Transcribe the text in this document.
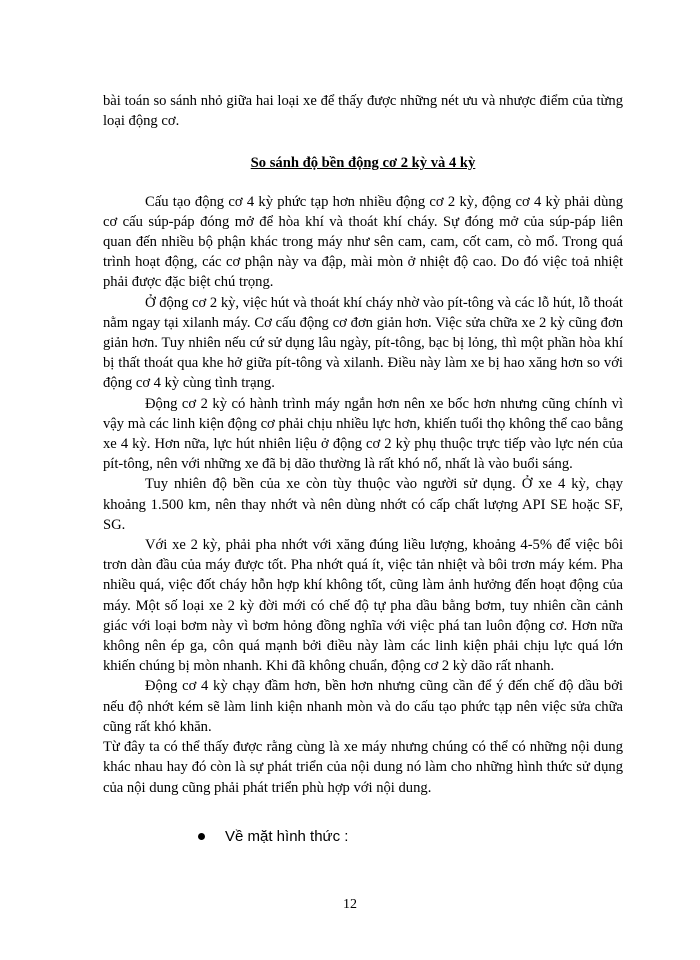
bài toán so sánh nhỏ giữa hai loại xe để thấy được những nét ưu và nhược điểm của từng loại động cơ.

So sánh độ bền động cơ 2 kỳ và 4 kỳ

Cấu tạo động cơ 4 kỳ phức tạp hơn nhiều động cơ 2 kỳ, động cơ 4 kỳ phải dùng cơ cấu súp-páp đóng mở để hòa khí và thoát khí cháy. Sự đóng mở của súp-páp liên quan đến nhiều bộ phận khác trong máy như sên cam, cam, cốt cam, cò mổ. Trong quá trình hoạt động, các cơ phận này va đập, mài mòn ở nhiệt độ cao. Do đó việc toả nhiệt phải được đặc biệt chú trọng.

Ở động cơ 2 kỳ, việc hút và thoát khí cháy nhờ vào pít-tông và các lỗ hút, lỗ thoát nằm ngay tại xilanh máy. Cơ cấu động cơ đơn giản hơn. Việc sửa chữa xe 2 kỳ cũng đơn giản hơn. Tuy nhiên nếu cứ sử dụng lâu ngày, pít-tông, bạc bị lỏng, thì một phần hòa khí bị thất thoát qua khe hở giữa pít-tông và xilanh. Điều này làm xe bị hao xăng hơn so với động cơ 4 kỳ cùng tình trạng.

Động cơ 2 kỳ có hành trình máy ngắn hơn nên xe bốc hơn nhưng cũng chính vì vậy mà các linh kiện động cơ phải chịu nhiều lực hơn, khiến tuổi thọ không thể cao bằng xe 4 kỳ. Hơn nữa, lực hút nhiên liệu ở động cơ 2 kỳ phụ thuộc trực tiếp vào lực nén của pít-tông, nên với những xe đã bị dão thường là rất khó nổ, nhất là vào buổi sáng.

Tuy nhiên độ bền của xe còn tùy thuộc vào người sử dụng. Ở xe 4 kỳ, chạy khoảng 1.500 km, nên thay nhớt và nên dùng nhớt có cấp chất lượng API SE hoặc SF, SG.

Với xe 2 kỳ, phải pha nhớt với xăng đúng liều lượng, khoảng 4-5% để việc bôi trơn dàn đầu của máy được tốt. Pha nhớt quá ít, việc tản nhiệt và bôi trơn máy kém. Pha nhiều quá, việc đốt cháy hỗn hợp khí không tốt, cũng làm ảnh hưởng đến hoạt động của máy. Một số loại xe 2 kỳ đời mới có chế độ tự pha dầu bằng bơm, tuy nhiên cần cảnh giác với loại bơm này vì bơm hỏng đồng nghĩa với việc phá tan luôn động cơ. Hơn nữa không nên ép ga, côn quá mạnh bởi điều này làm các linh kiện phải chịu lực quá lớn khiến chúng bị mòn nhanh. Khi đã không chuẩn, động cơ 2 kỳ dão rất nhanh.

Động cơ 4 kỳ chạy đầm hơn, bền hơn nhưng cũng cần để ý đến chế độ dầu bởi nếu độ nhớt kém sẽ làm linh kiện nhanh mòn và do cấu tạo phức tạp nên việc sửa chữa cũng rất khó khăn.

Từ đây ta có thể thấy được rằng cùng là xe máy nhưng chúng có thể có những nội dung khác nhau hay đó còn là sự phát triển của nội dung nó làm cho những hình thức sử dụng của nội dung cũng phải phát triển phù hợp với nội dung.

Về mặt hình thức :
12
